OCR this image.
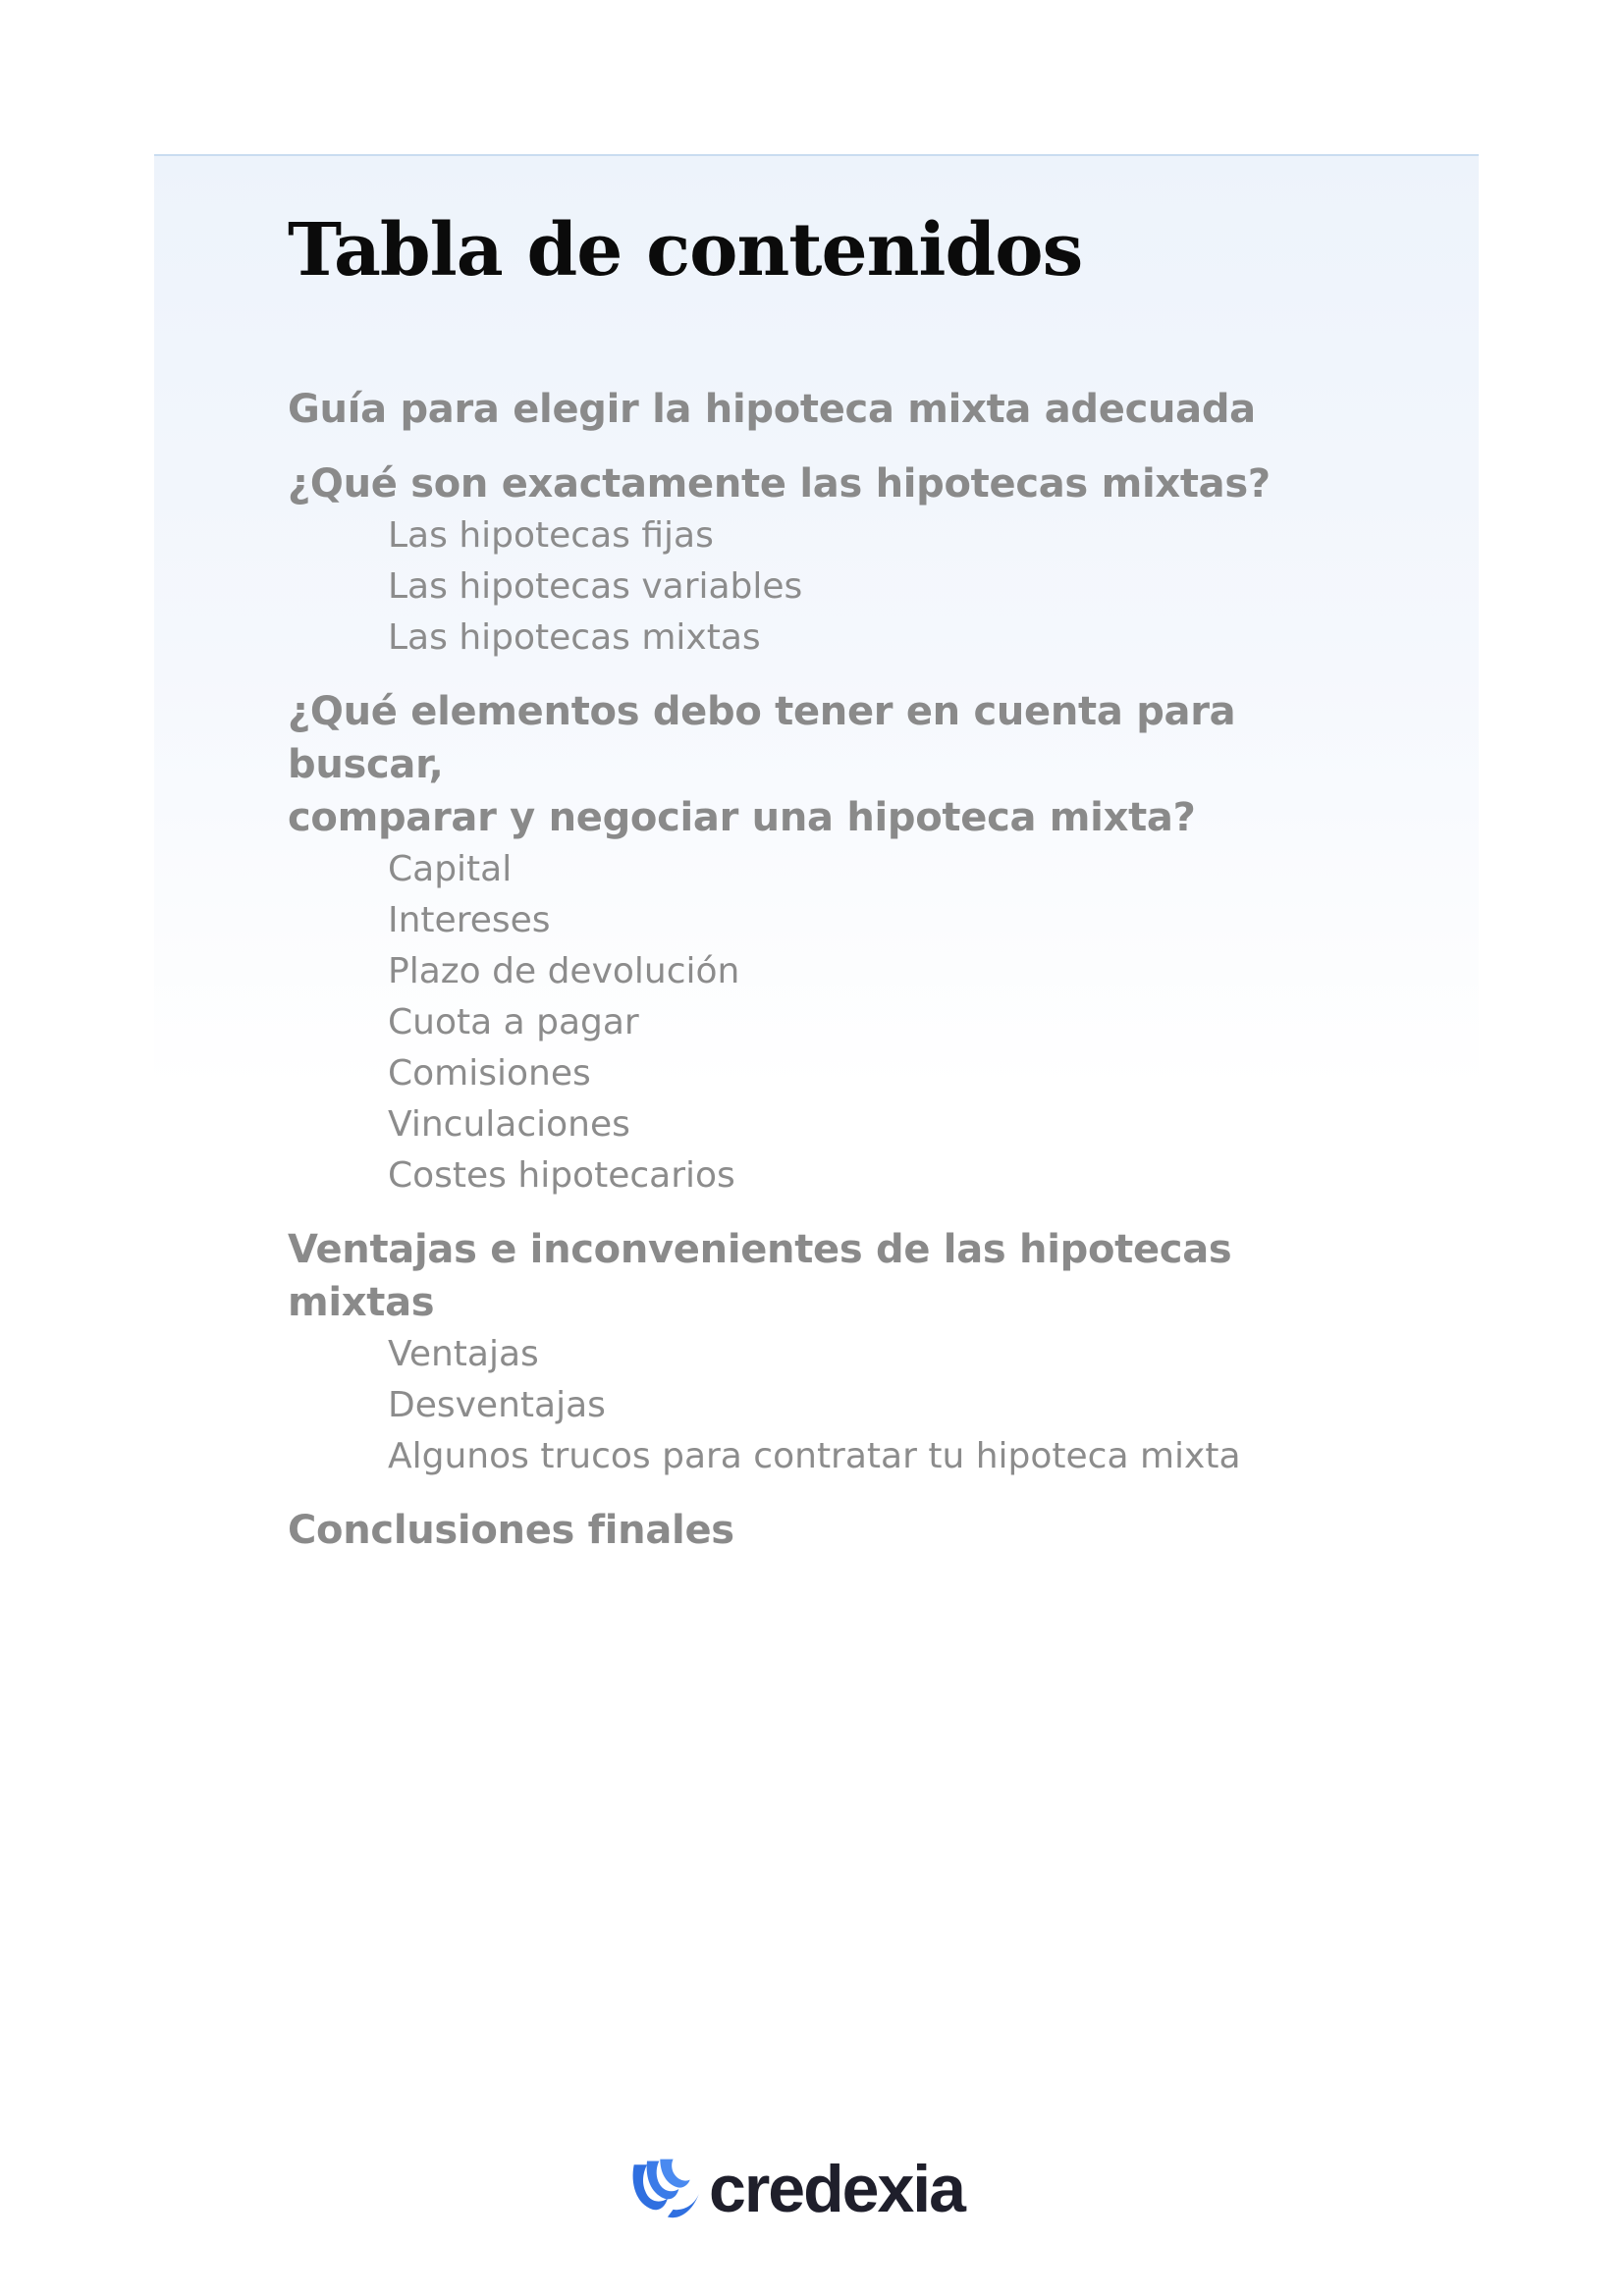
Tabla de contenidos
Guía para elegir la hipoteca mixta adecuada
¿Qué son exactamente las hipotecas mixtas?
Las hipotecas fijas
Las hipotecas variables
Las hipotecas mixtas
¿Qué elementos debo tener en cuenta para buscar,
comparar y negociar una hipoteca mixta?
Capital
Intereses
Plazo de devolución
Cuota a pagar
Comisiones
Vinculaciones
Costes hipotecarios
Ventajas e inconvenientes de las hipotecas mixtas
Ventajas
Desventajas
Algunos trucos para contratar tu hipoteca mixta
Conclusiones finales
credexia
